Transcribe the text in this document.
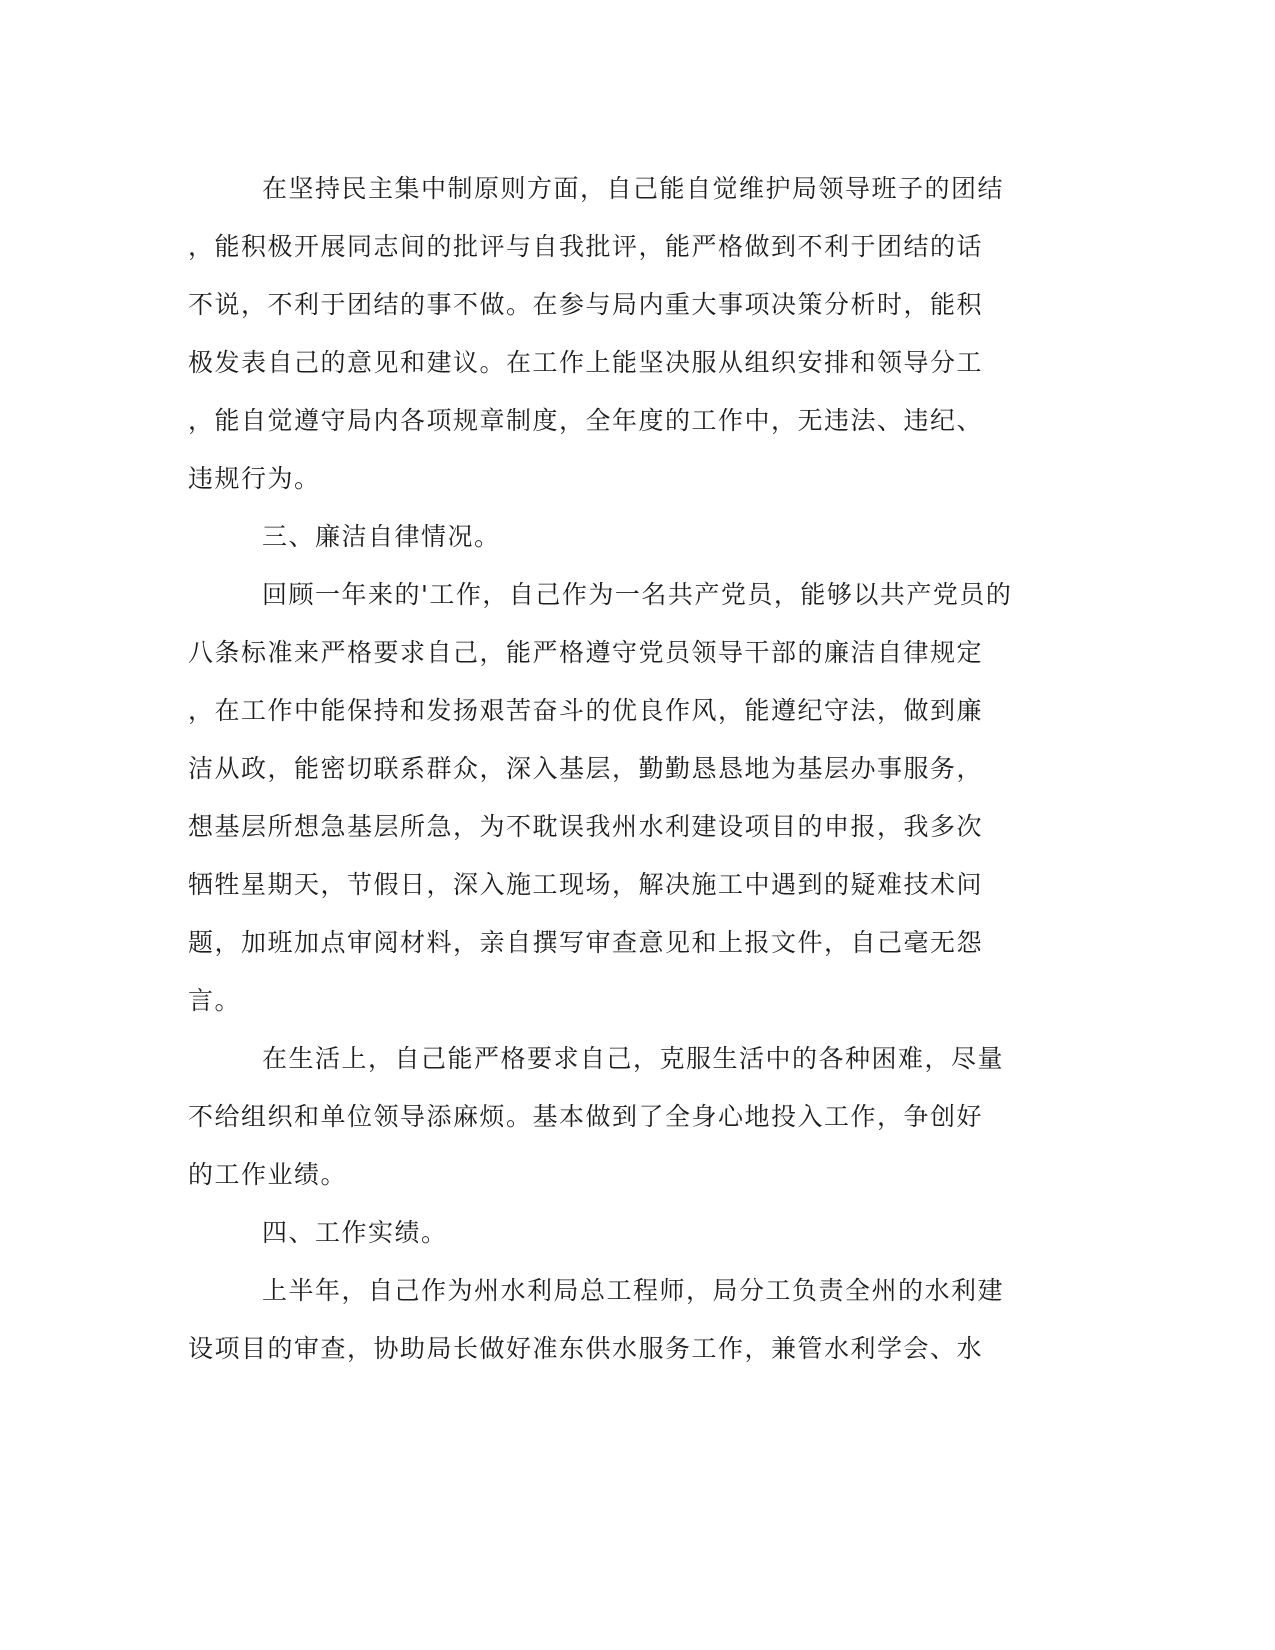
在坚持民主集中制原则方面，自己能自觉维护局领导班子的团结
，能积极开展同志间的批评与自我批评，能严格做到不利于团结的话
不说，不利于团结的事不做。在参与局内重大事项决策分析时，能积
极发表自己的意见和建议。在工作上能坚决服从组织安排和领导分工
，能自觉遵守局内各项规章制度，全年度的工作中，无违法、违纪、
违规行为。
三、廉洁自律情况。
回顾一年来的'工作，自己作为一名共产党员，能够以共产党员的
八条标准来严格要求自己，能严格遵守党员领导干部的廉洁自律规定
，在工作中能保持和发扬艰苦奋斗的优良作风，能遵纪守法，做到廉
洁从政，能密切联系群众，深入基层，勤勤恳恳地为基层办事服务，
想基层所想急基层所急，为不耽误我州水利建设项目的申报，我多次
牺牲星期天，节假日，深入施工现场，解决施工中遇到的疑难技术问
题，加班加点审阅材料，亲自撰写审查意见和上报文件，自己毫无怨
言。
在生活上，自己能严格要求自己，克服生活中的各种困难，尽量
不给组织和单位领导添麻烦。基本做到了全身心地投入工作，争创好
的工作业绩。
四、工作实绩。
上半年，自己作为州水利局总工程师，局分工负责全州的水利建
设项目的审查，协助局长做好准东供水服务工作，兼管水利学会、水
